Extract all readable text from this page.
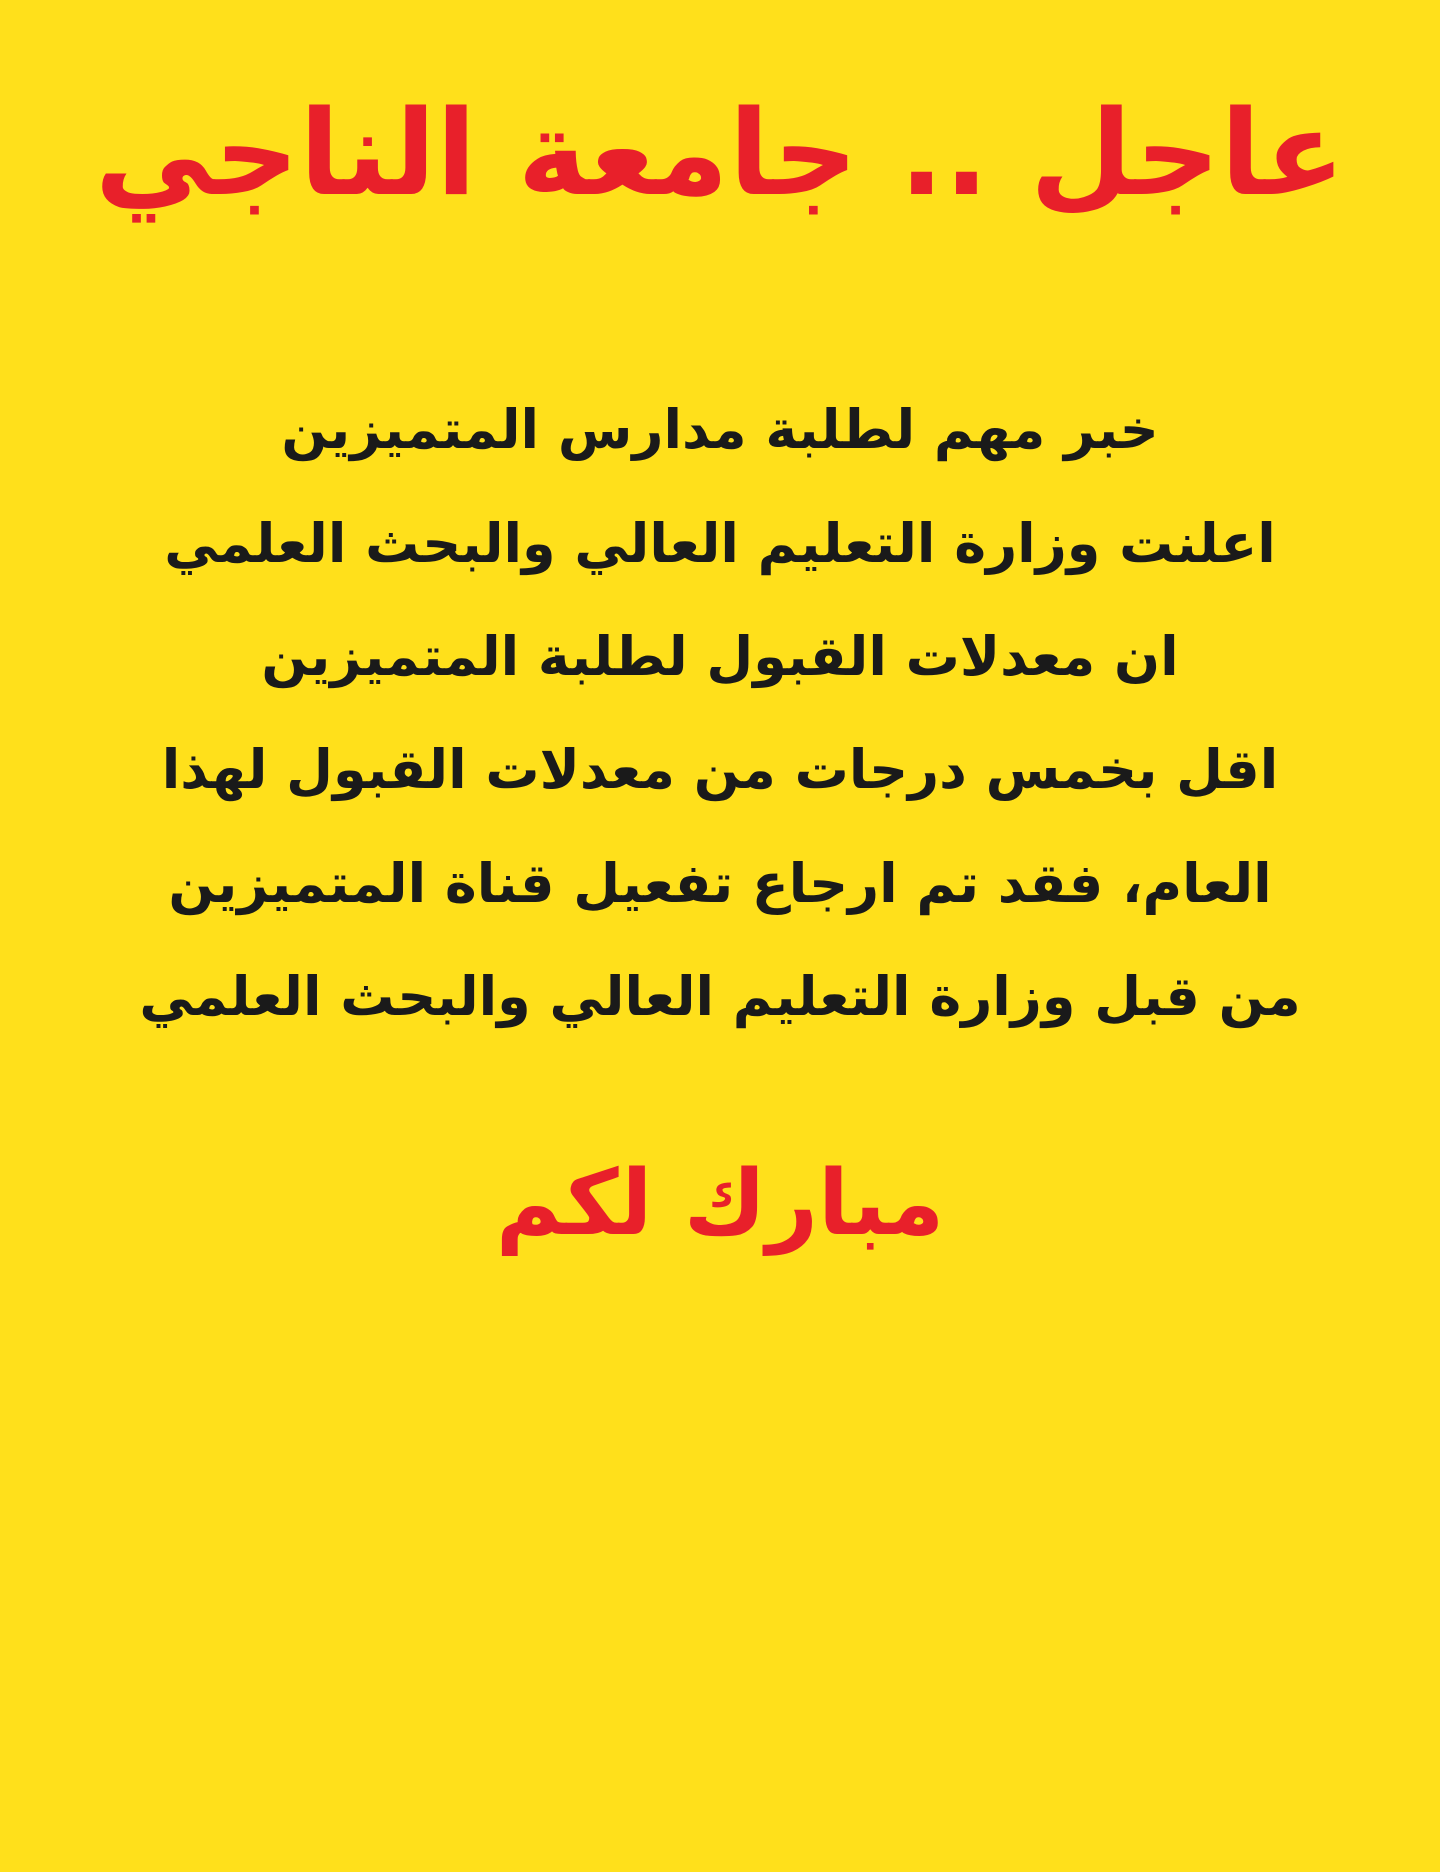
عاجل .. جامعة الناجي
خبر مهم لطلبة مدارس المتميزين
اعلنت وزارة التعليم العالي والبحث العلمي
ان معدلات القبول لطلبة المتميزين
اقل بخمس درجات من معدلات القبول لهذا
العام، فقد تم ارجاع تفعيل قناة المتميزين
من قبل وزارة التعليم العالي والبحث العلمي
مبارك لكم
